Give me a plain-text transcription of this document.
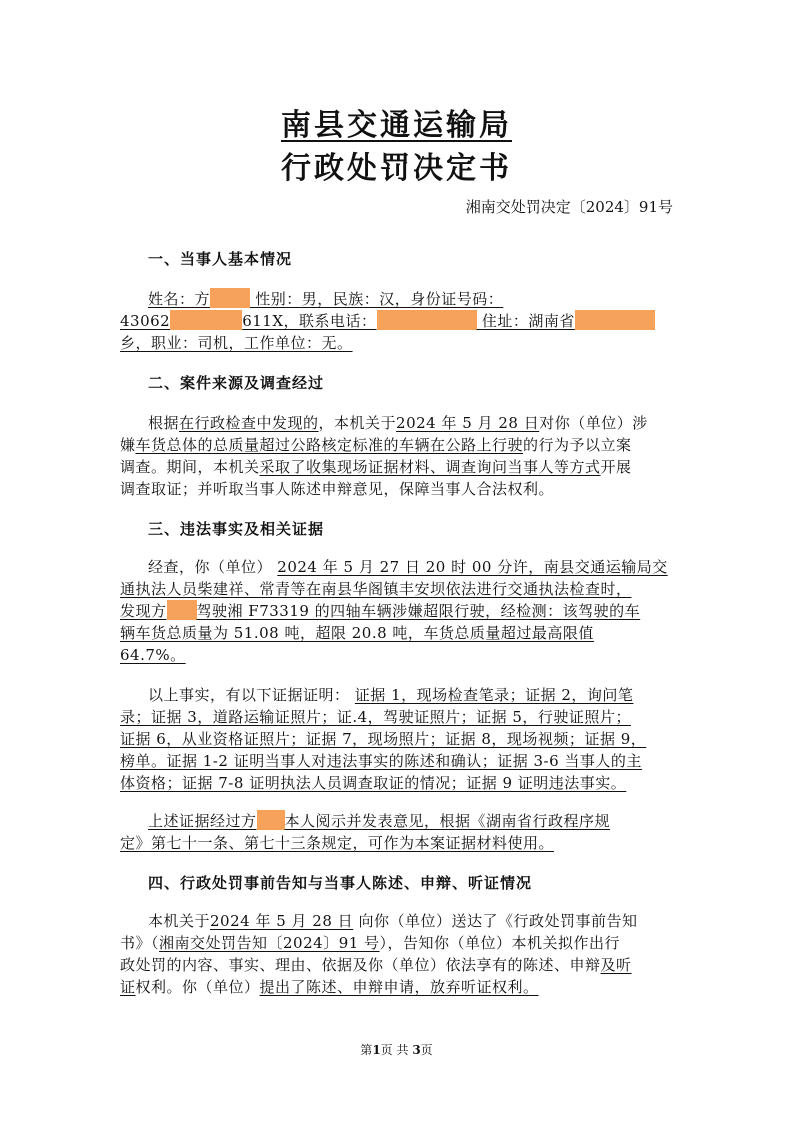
南县交通运输局
行政处罚决定书
湘南交处罚决定〔2024〕91号
一、当事人基本情况
姓名：方	性别：男，民族：汉，身份证号码：
43062	611X，联系电话：	住址：湖南省
乡，职业：司机，工作单位：无。
二、案件来源及调查经过
根据在行政检查中发现的，本机关于2024 年 5 月 28 日对你（单位）涉
嫌车货总体的总质量超过公路核定标准的车辆在公路上行驶的行为予以立案
调查。期间，本机关采取了收集现场证据材料、调查询问当事人等方式开展
调查取证；并听取当事人陈述申辩意见，保障当事人合法权利。
三、违法事实及相关证据
经查，你（单位） 2024 年 5 月 27 日 20 时 00 分许，南县交通运输局交
通执法人员柴建祥、常青等在南县华阁镇丰安坝依法进行交通执法检查时，
发现方 驾驶湘 F73319 的四轴车辆涉嫌超限行驶，经检测：该驾驶的车
辆车货总质量为 51.08 吨，超限 20.8 吨，车货总质量超过最高限值
64.7%。
以上事实，有以下证据证明： 证据 1，现场检查笔录；证据 2，询问笔
录；证据 3，道路运输证照片；证.4，驾驶证照片；证据 5，行驶证照片；
证据 6，从业资格证照片；证据 7，现场照片；证据 8，现场视频；证据 9，
榜单。证据 1-2 证明当事人对违法事实的陈述和确认；证据 3-6 当事人的主
体资格；证据 7-8 证明执法人员调查取证的情况；证据 9 证明违法事实。
上述证据经过方 本人阅示并发表意见，根据《湖南省行政程序规
定》第七十一条、第七十三条规定，可作为本案证据材料使用。
四、行政处罚事前告知与当事人陈述、申辩、听证情况
本机关于2024 年 5 月 28 日 向你（单位）送达了《行政处罚事前告知
书》（湘南交处罚告知〔2024〕91 号），告知你（单位）本机关拟作出行
政处罚的内容、事实、理由、依据及你（单位）依法享有的陈述、申辩及听
证权利。你（单位）提出了陈述、申辩申请，放弃听证权利。
第1页 共 3页
